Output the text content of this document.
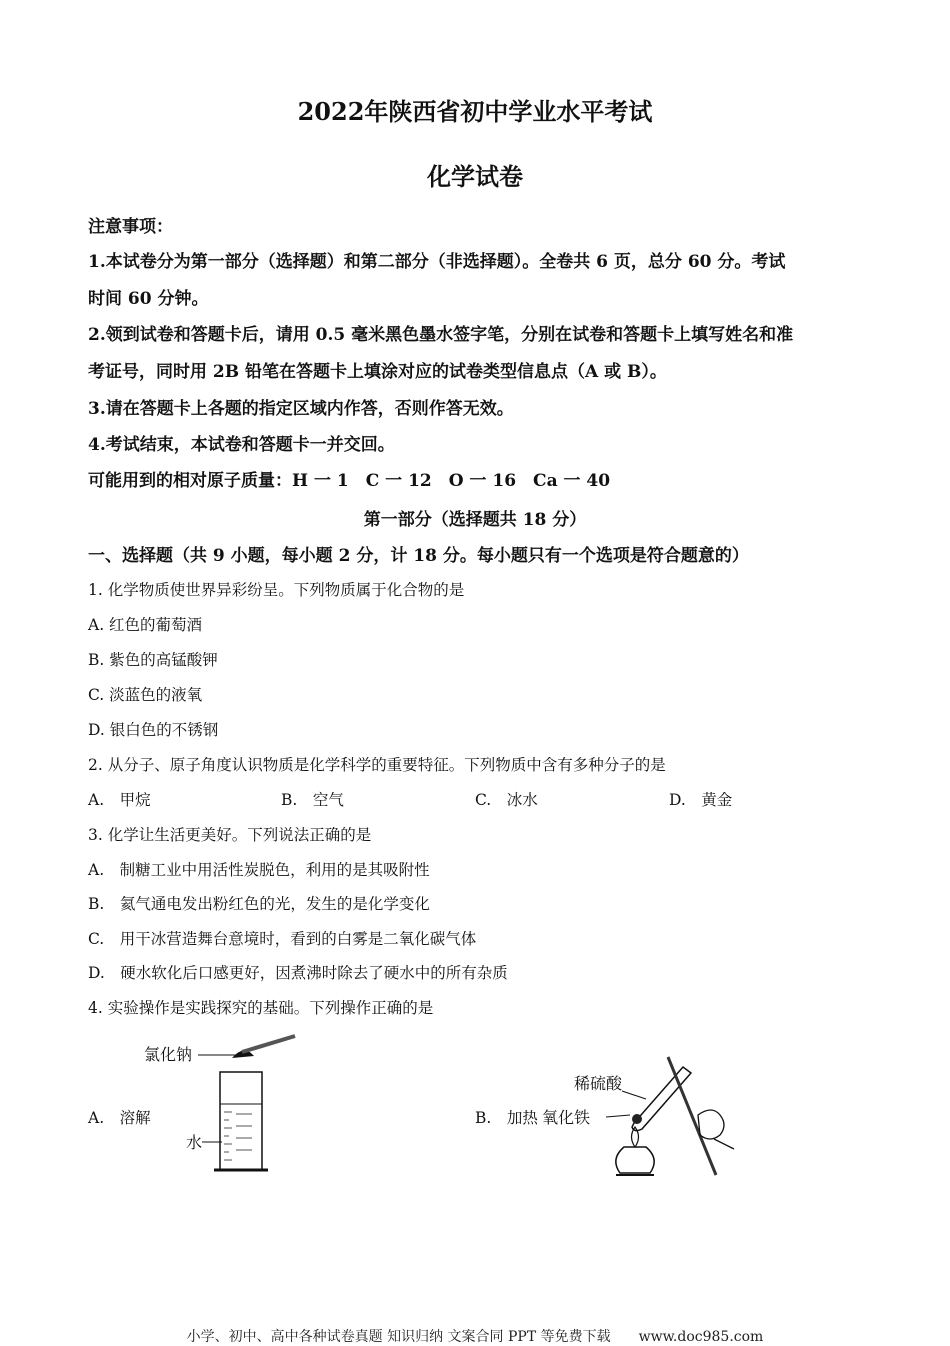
2022年陕西省初中学业水平考试
化学试卷
注意事项：
1.本试卷分为第一部分（选择题）和第二部分（非选择题）。全卷共 6 页，总分 60 分。考试
时间 60 分钟。
2.领到试卷和答题卡后，请用 0.5 毫米黑色墨水签字笔，分别在试卷和答题卡上填写姓名和准
考证号，同时用 2B 铅笔在答题卡上填涂对应的试卷类型信息点（A 或 B）。
3.请在答题卡上各题的指定区域内作答，否则作答无效。
4.考试结束，本试卷和答题卡一并交回。
可能用到的相对原子质量：H 一 1　C 一 12　O 一 16　Ca 一 40
第一部分（选择题共 18 分）
一、选择题（共 9 小题，每小题 2 分，计 18 分。每小题只有一个选项是符合题意的）
1. 化学物质使世界异彩纷呈。下列物质属于化合物的是
A. 红色的葡萄酒
B. 紫色的高锰酸钾
C. 淡蓝色的液氧
D. 银白色的不锈钢
2. 从分子、原子角度认识物质是化学科学的重要特征。下列物质中含有多种分子的是
A.　甲烷	B.　空气	C.　冰水	D.　黄金
3. 化学让生活更美好。下列说法正确的是
A.　制糖工业中用活性炭脱色，利用的是其吸附性
B.　氦气通电发出粉红色的光，发生的是化学变化
C.　用干冰营造舞台意境时，看到的白雾是二氧化碳气体
D.　硬水软化后口感更好，因煮沸时除去了硬水中的所有杂质
4. 实验操作是实践探究的基础。下列操作正确的是
A.　溶解	B.　加热
氯化钠
水
稀硫酸
氧化铁
小学、初中、高中各种试卷真题 知识归纳 文案合同 PPT 等免费下载　　www.doc985.com
